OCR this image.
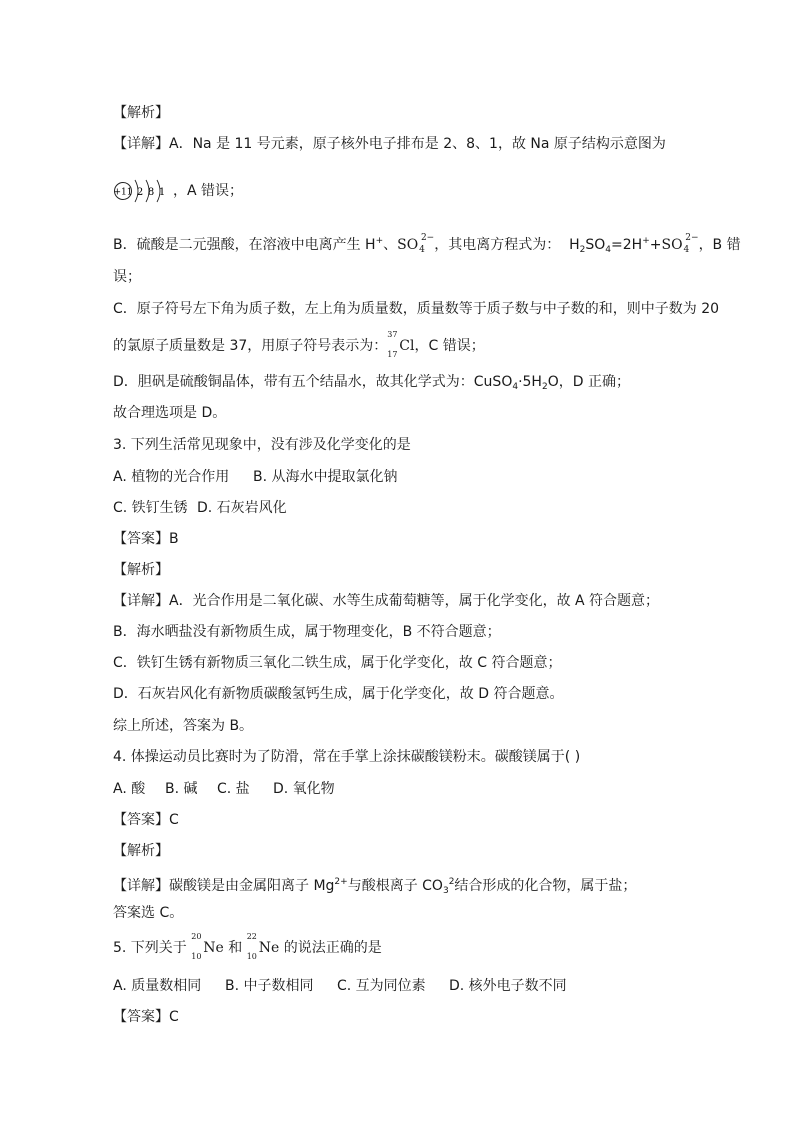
【解析】
【详解】A．Na 是 11 号元素，原子核外电子排布是 2、8、1，故 Na 原子结构示意图为
+11 2 8 1 ，A 错误；
B．硫酸是二元强酸，在溶液中电离产生 H+、SO 4
2− ，其电离方程式为： $H_2SO_4=2H^++SO$ 4
2− ，B 错
误；
C．原子符号左下角为质子数，左上角为质量数，质量数等于质子数与中子数的和，则中子数为 20
的氯原子质量数是 37，用原子符号表示为：
37
17
Cl，C 错误；
D．胆矾是硫酸铜晶体，带有五个结晶水，故其化学式为：$CuSO_4\cdot 5H_2O$，D 正确；
故合理选项是 D。
3. 下列生活常见现象中，没有涉及化学变化的是
A. 植物的光合作用 B. 从海水中提取氯化钠
C. 铁钉生锈 D. 石灰岩风化
【答案】B
【解析】
【详解】A．光合作用是二氧化碳、水等生成葡萄糖等，属于化学变化，故 A 符合题意；
B．海水晒盐没有新物质生成，属于物理变化，B 不符合题意；
C．铁钉生锈有新物质三氧化二铁生成，属于化学变化，故 C 符合题意；
D．石灰岩风化有新物质碳酸氢钙生成，属于化学变化，故 D 符合题意。
综上所述，答案为 B。
4. 体操运动员比赛时为了防滑，常在手掌上涂抹碳酸镁粉末。碳酸镁属于( )
A. 酸 B. 碱 C. 盐 D. 氧化物
【答案】C
【解析】
【详解】碳酸镁是由金属阳离子 $Mg^{2+}$与酸根离子 $CO_3^2$结合形成的化合物，属于盐；
答案选 C。
5. 下列关于
20
10
Ne 和
22
10
Ne 的说法正确的是
A. 质量数相同 B. 中子数相同 C. 互为同位素 D. 核外电子数不同
【答案】C
